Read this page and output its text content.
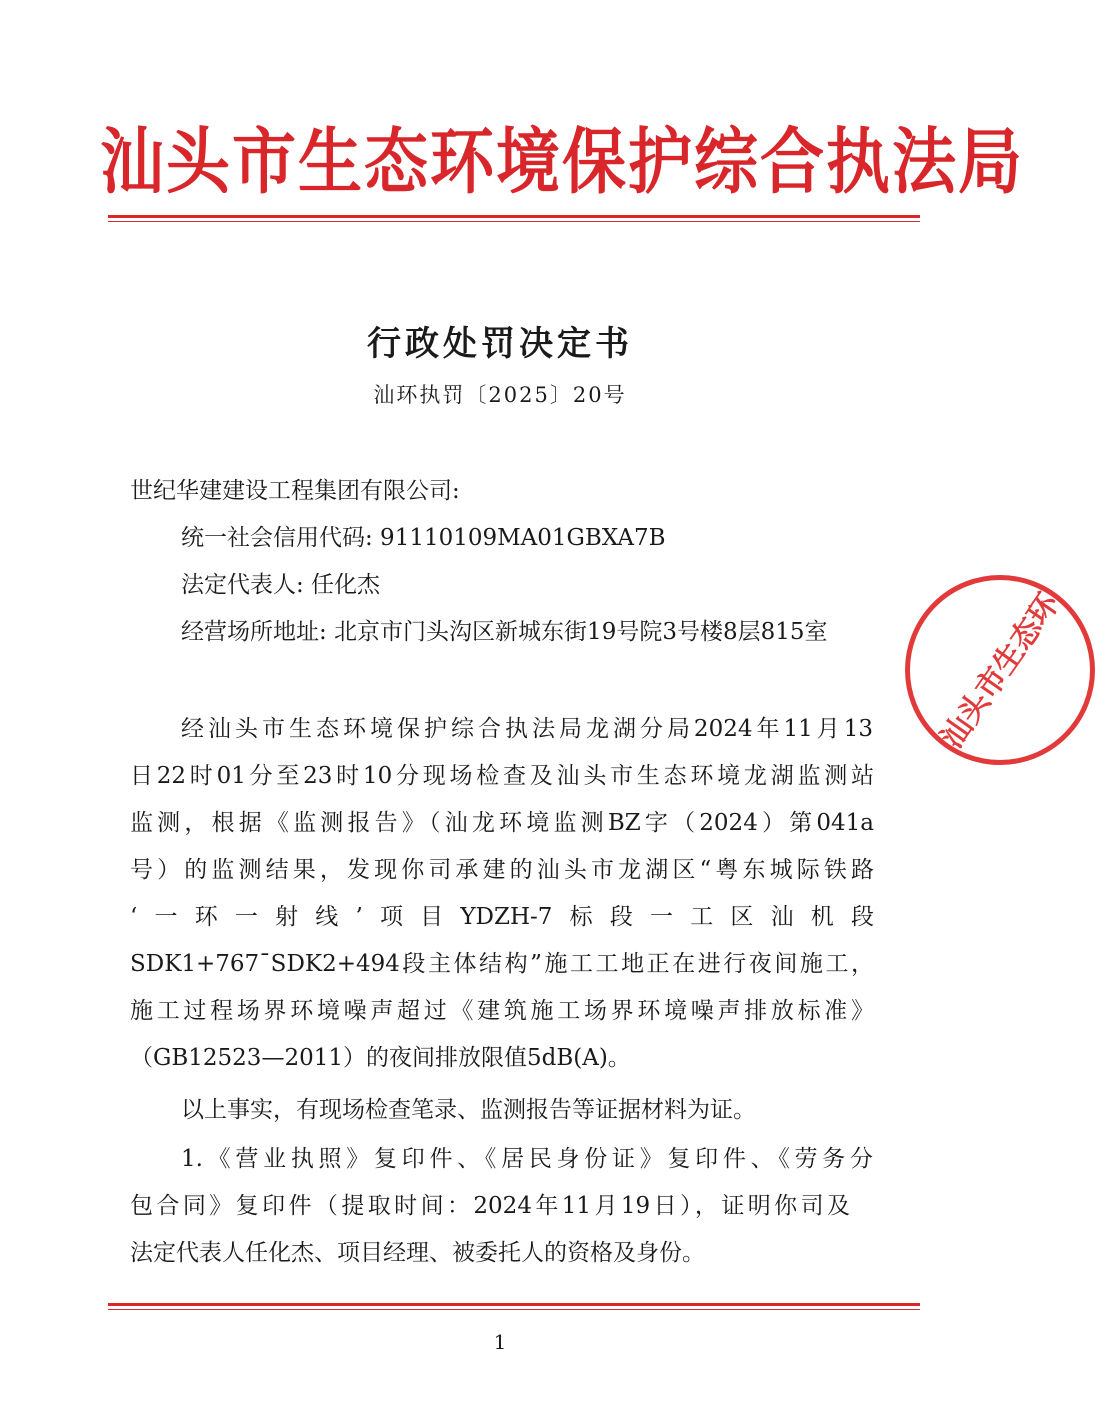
汕头市生态环境保护综合执法局
行政处罚决定书
汕环执罚〔2025〕20号
世纪华建建设工程集团有限公司:
统一社会信用代码: 91110109MA01GBXA7B
法定代表人: 任化杰
经营场所地址: 北京市门头沟区新城东街19号院3号楼8层815室
经汕头市生态环境保护综合执法局龙湖分局2024年11月13
日22时01分至23时10分现场检查及汕头市生态环境龙湖监测站
监测，根据《监测报告》（汕龙环境监测BZ字（2024）第041a
号）的监测结果，发现你司承建的汕头市龙湖区“粤东城际铁路
‘一环一射线’项目YDZH-7标段一工区汕机段
SDK1+767¯SDK2+494段主体结构”施工工地正在进行夜间施工，
施工过程场界环境噪声超过《建筑施工场界环境噪声排放标准》
（GB12523—2011）的夜间排放限值5dB(A)。
以上事实，有现场检查笔录、监测报告等证据材料为证。
1.《营业执照》复印件、《居民身份证》复印件、《劳务分
包合同》复印件（提取时间：2024年11月19日），证明你司及
法定代表人任化杰、项目经理、被委托人的资格及身份。
汕头市生态环
1
